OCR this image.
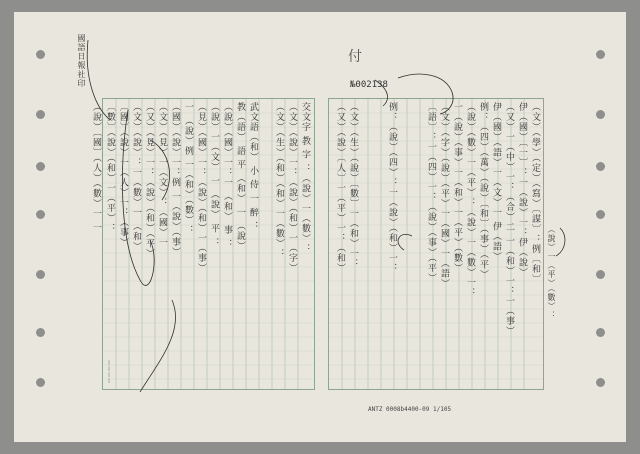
付
№002138
ANTZ 0008b4400-09 1/105
國語日報社印
（文）（學）（定）（寫）〔謀〕：例〔和〕
伊（國）〔一〕：一（說）一：伊（說）
（又）一（中）一：（合）二 一（和）一：一（事）
伊（國）（語）一（文）一 伊（語）
例：（四）（萬）（說）〔和〕（事）（平）
（說）（數）一（平）：（說）一（數）一：
一（說）（事）一（和）一（平）（數）
（文）（字）（說）（平）一（國）一（語）
〔語〕：一（四）一：（說）（事）（平）
例：（說）（四）：一（說）（和）一：
（文）（生）（說）〔數〕一（和）一：
（又）（說）〔人〕一（平）一：（和）
交文字 教 字 ：（說）一（數）：
（文）（說）一：（說）（和）一（字）
（文）（生）（和）（和）一（數）：
武文語（和） 小 侍 一 醉 ：
教（語） 語 平 （和） 一 （說）
（說）（國）一：一 （和） 事 ：
（說）一（文） 一 （說） 平 ：
（見）（國）一：（說）（和）一（事）
一 （說）例 一（和）（數）：
（國）（說）一：例 一（說）（事）
（文）（見）一（文）：（國）一
（又）（見）一：（說）（和）（平）
（文）（說）：一（數）一 （和）
〔國〕（說）一（人）一：（事）
〔數〕（說）（和）一（平）：
（說）〔國〕（人）（數）一 一
（說）一（平）（數）：
▯▯▯▯
